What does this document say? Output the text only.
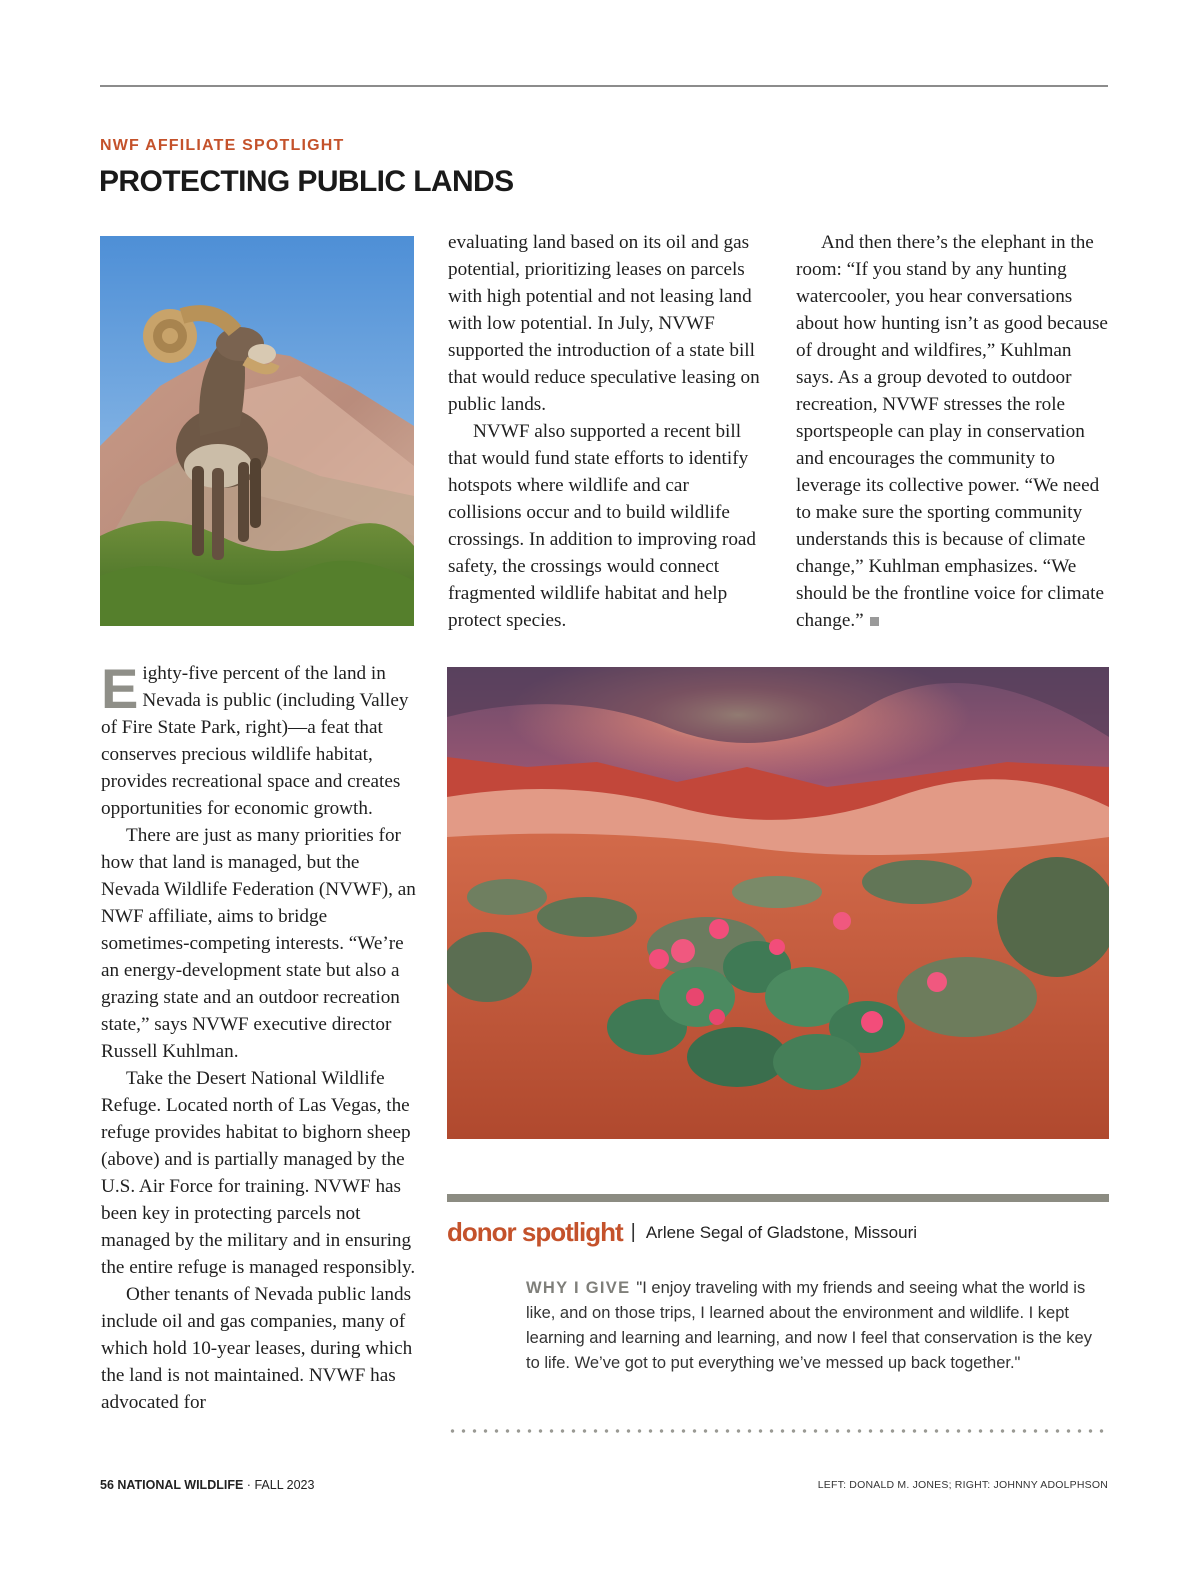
NWF AFFILIATE SPOTLIGHT
PROTECTING PUBLIC LANDS

Eighty-five percent of the land in Nevada is public (including Valley of Fire State Park, right)—a feat that conserves precious wildlife habitat, provides recreational space and creates opportunities for economic growth.

There are just as many priorities for how that land is managed, but the Nevada Wildlife Federation (NVWF), an NWF affiliate, aims to bridge sometimes-competing interests. “We’re an energy-development state but also a grazing state and an outdoor recreation state,” says NVWF executive director Russell Kuhlman.

Take the Desert National Wildlife Refuge. Located north of Las Vegas, the refuge provides habitat to bighorn sheep (above) and is partially managed by the U.S. Air Force for training. NVWF has been key in protecting parcels not managed by the military and in ensuring the entire refuge is managed responsibly.

Other tenants of Nevada public lands include oil and gas companies, many of which hold 10-year leases, during which the land is not maintained. NVWF has advocated for

evaluating land based on its oil and gas potential, prioritizing leases on parcels with high potential and not leasing land with low potential. In July, NVWF supported the introduction of a state bill that would reduce speculative leasing on public lands.

NVWF also supported a recent bill that would fund state efforts to identify hotspots where wildlife and car collisions occur and to build wildlife crossings. In addition to improving road safety, the crossings would connect fragmented wildlife habitat and help protect species.

And then there’s the elephant in the room: “If you stand by any hunting watercooler, you hear conversations about how hunting isn’t as good because of drought and wildfires,” Kuhlman says. As a group devoted to outdoor recreation, NVWF stresses the role sportspeople can play in conservation and encourages the community to leverage its collective power. “We need to make sure the sporting community understands this is because of climate change,” Kuhlman emphasizes. “We should be the frontline voice for climate change.”

donor spotlight | Arlene Segal of Gladstone, Missouri
WHY I GIVE "I enjoy traveling with my friends and seeing what the world is like, and on those trips, I learned about the environment and wildlife. I kept learning and learning and learning, and now I feel that conservation is the key to life. We’ve got to put everything we’ve messed up back together."
56 NATIONAL WILDLIFE · FALL 2023	LEFT: DONALD M. JONES; RIGHT: JOHNNY ADOLPHSON
